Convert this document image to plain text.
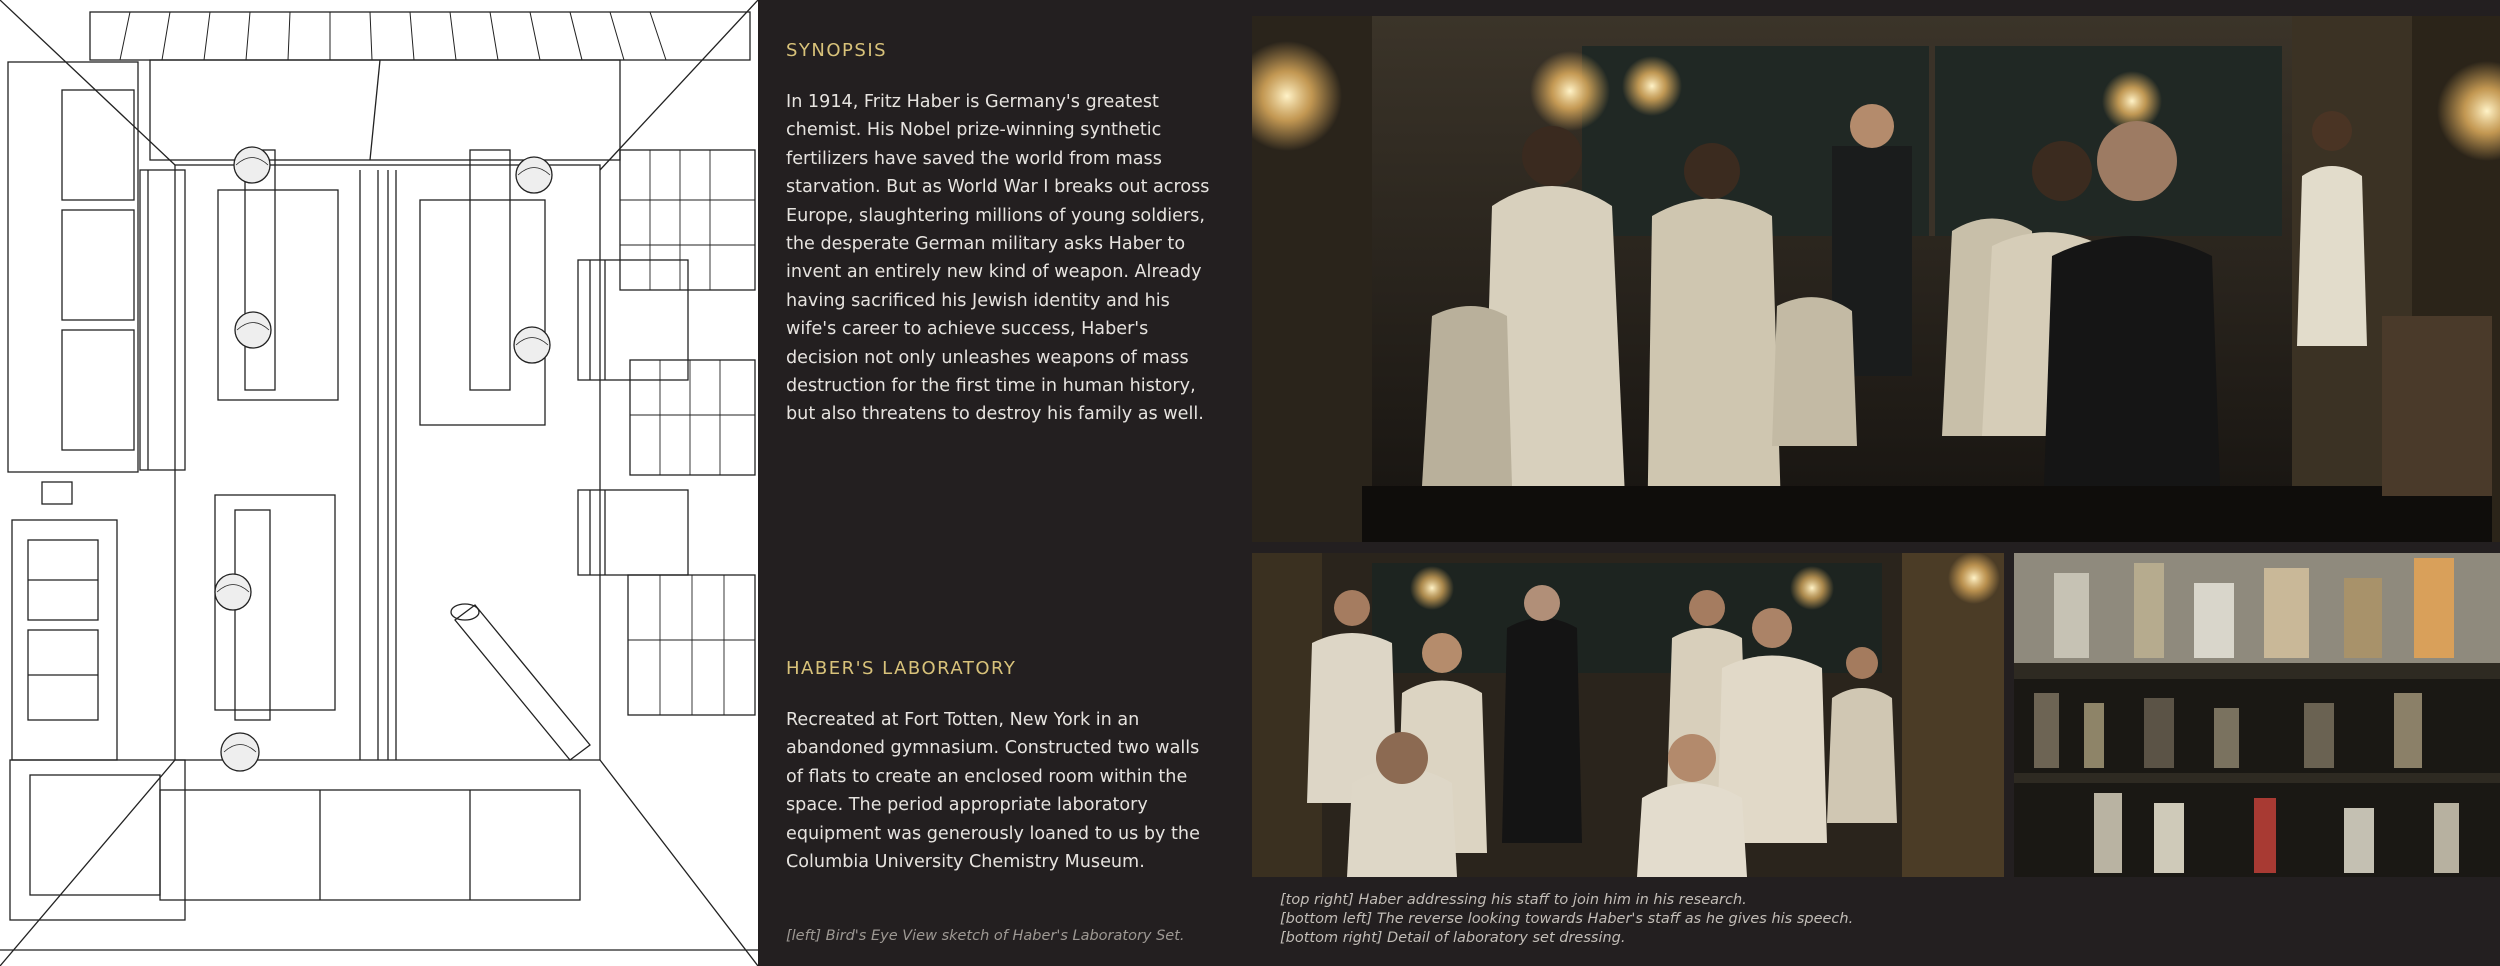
SYNOPSIS

In 1914, Fritz Haber is Germany's greatest chemist. His Nobel prize-winning synthetic fertilizers have saved the world from mass starvation. But as World War I breaks out across Europe, slaughtering millions of young soldiers, the desperate German military asks Haber to invent an entirely new kind of weapon. Already having sacrificed his Jewish identity and his wife's career to achieve success, Haber's decision not only unleashes weapons of mass destruction for the first time in human history, but also threatens to destroy his family as well.

HABER'S LABORATORY

Recreated at Fort Totten, New York in an abandoned gymnasium. Constructed two walls of flats to create an enclosed room within the space. The period appropriate laboratory equipment was generously loaned to us by the Columbia University Chemistry Museum.

[left] Bird's Eye View sketch of Haber's Laboratory Set.

[top right] Haber addressing his staff to join him in his research.
[bottom left] The reverse looking towards Haber's staff as he gives his speech.
[bottom right] Detail of laboratory set dressing.
